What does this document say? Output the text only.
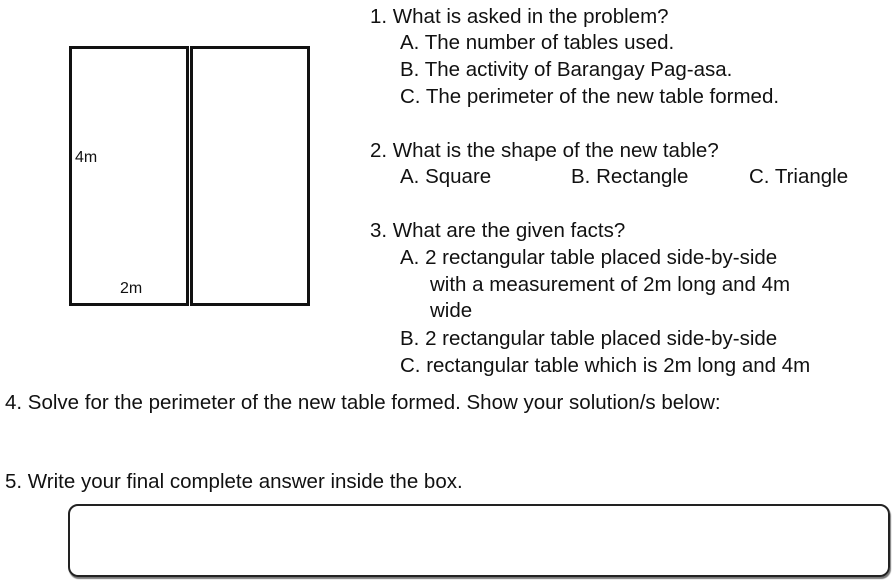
4m
2m
1. What is asked in the problem?
A. The number of tables used.
B. The activity of Barangay Pag-asa.
C. The perimeter of the new table formed.
2. What is the shape of the new table?
A. Square	B. Rectangle	C. Triangle
3. What are the given facts?
A. 2 rectangular table placed side-by-side
with a measurement of 2m long and 4m
wide
B. 2 rectangular table placed side-by-side
C. rectangular table which is 2m long and 4m
4. Solve for the perimeter of the new table formed. Show your solution/s below:
5. Write your final complete answer inside the box.
